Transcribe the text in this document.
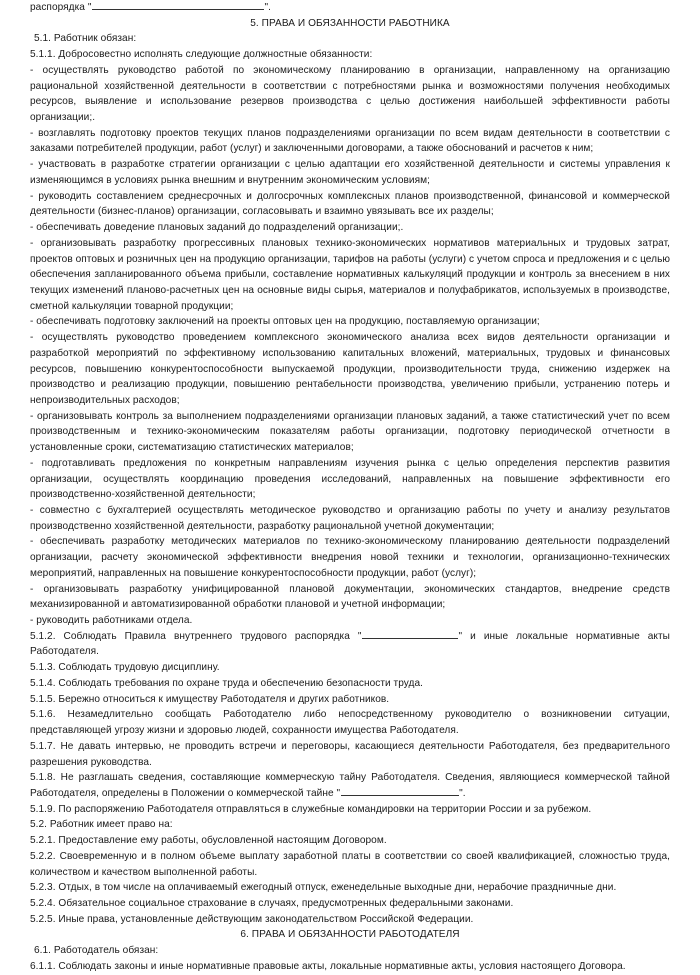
распорядка "	".

5. ПРАВА И ОБЯЗАННОСТИ РАБОТНИКА

5.1. Работник обязан:

5.1.1. Добросовестно исполнять следующие должностные обязанности:

- осуществлять руководство работой по экономическому планированию в организации, направленному на организацию рациональной хозяйственной деятельности в соответствии с потребностями рынка и возможностями получения необходимых ресурсов, выявление и использование резервов производства с целью достижения наибольшей эффективности работы организации;.

- возглавлять подготовку проектов текущих планов подразделениями организации по всем видам деятельности в соответствии с заказами потребителей продукции, работ (услуг) и заключенными договорами, а также обоснований и расчетов к ним;

- участвовать в разработке стратегии организации с целью адаптации его хозяйственной деятельности и системы управления к изменяющимся в условиях рынка внешним и внутренним экономическим условиям;

- руководить составлением среднесрочных и долгосрочных комплексных планов производственной, финансовой и коммерческой деятельности (бизнес-планов) организации, согласовывать и взаимно увязывать все их разделы;

- обеспечивать доведение плановых заданий до подразделений организации;.

- организовывать разработку прогрессивных плановых технико-экономических нормативов материальных и трудовых затрат, проектов оптовых и розничных цен на продукцию организации, тарифов на работы (услуги) с учетом спроса и предложения и с целью обеспечения запланированного объема прибыли, составление нормативных калькуляций продукции и контроль за внесением в них текущих изменений планово-расчетных цен на основные виды сырья, материалов и полуфабрикатов, используемых в производстве, сметной калькуляции товарной продукции;

- обеспечивать подготовку заключений на проекты оптовых цен на продукцию, поставляемую организации;

- осуществлять руководство проведением комплексного экономического анализа всех видов деятельности организации и разработкой мероприятий по эффективному использованию капитальных вложений, материальных, трудовых и финансовых ресурсов, повышению конкурентоспособности выпускаемой продукции, производительности труда, снижению издержек на производство и реализацию продукции, повышению рентабельности производства, увеличению прибыли, устранению потерь и непроизводительных расходов;

- организовывать контроль за выполнением подразделениями организации плановых заданий, а также статистический учет по всем производственным и технико-экономическим показателям работы организации, подготовку периодической отчетности в установленные сроки, систематизацию статистических материалов;

- подготавливать предложения по конкретным направлениям изучения рынка с целью определения перспектив развития организации, осуществлять координацию проведения исследований, направленных на повышение эффективности его производственно-хозяйственной деятельности;

- совместно с бухгалтерией осуществлять методическое руководство и организацию работы по учету и анализу результатов производственно хозяйственной деятельности, разработку рациональной учетной документации;

- обеспечивать разработку методических материалов по технико-экономическому планированию деятельности подразделений организации, расчету экономической эффективности внедрения новой техники и технологии, организационно-технических мероприятий, направленных на повышение конкурентоспособности продукции, работ (услуг);

- организовывать разработку унифицированной плановой документации, экономических стандартов, внедрение средств механизированной и автоматизированной обработки плановой и учетной информации;

- руководить работниками отдела.

5.1.2. Соблюдать Правила внутреннего трудового распорядка "	" и иные локальные нормативные акты Работодателя.

5.1.3. Соблюдать трудовую дисциплину.

5.1.4. Соблюдать требования по охране труда и обеспечению безопасности труда.

5.1.5. Бережно относиться к имуществу Работодателя и других работников.

5.1.6. Незамедлительно сообщать Работодателю либо непосредственному руководителю о возникновении ситуации, представляющей угрозу жизни и здоровью людей, сохранности имущества Работодателя.

5.1.7. Не давать интервью, не проводить встречи и переговоры, касающиеся деятельности Работодателя, без предварительного разрешения руководства.

5.1.8. Не разглашать сведения, составляющие коммерческую тайну Работодателя. Сведения, являющиеся коммерческой тайной Работодателя, определены в Положении о коммерческой тайне "	".

5.1.9. По распоряжению Работодателя отправляться в служебные командировки на территории России и за рубежом.

5.2. Работник имеет право на:

5.2.1. Предоставление ему работы, обусловленной настоящим Договором.

5.2.2. Своевременную и в полном объеме выплату заработной платы в соответствии со своей квалификацией, сложностью труда, количеством и качеством выполненной работы.

5.2.3. Отдых, в том числе на оплачиваемый ежегодный отпуск, еженедельные выходные дни, нерабочие праздничные дни.

5.2.4. Обязательное социальное страхование в случаях, предусмотренных федеральными законами.

5.2.5. Иные права, установленные действующим законодательством Российской Федерации.

6. ПРАВА И ОБЯЗАННОСТИ РАБОТОДАТЕЛЯ

6.1. Работодатель обязан:

6.1.1. Соблюдать законы и иные нормативные правовые акты, локальные нормативные акты, условия настоящего Договора.
